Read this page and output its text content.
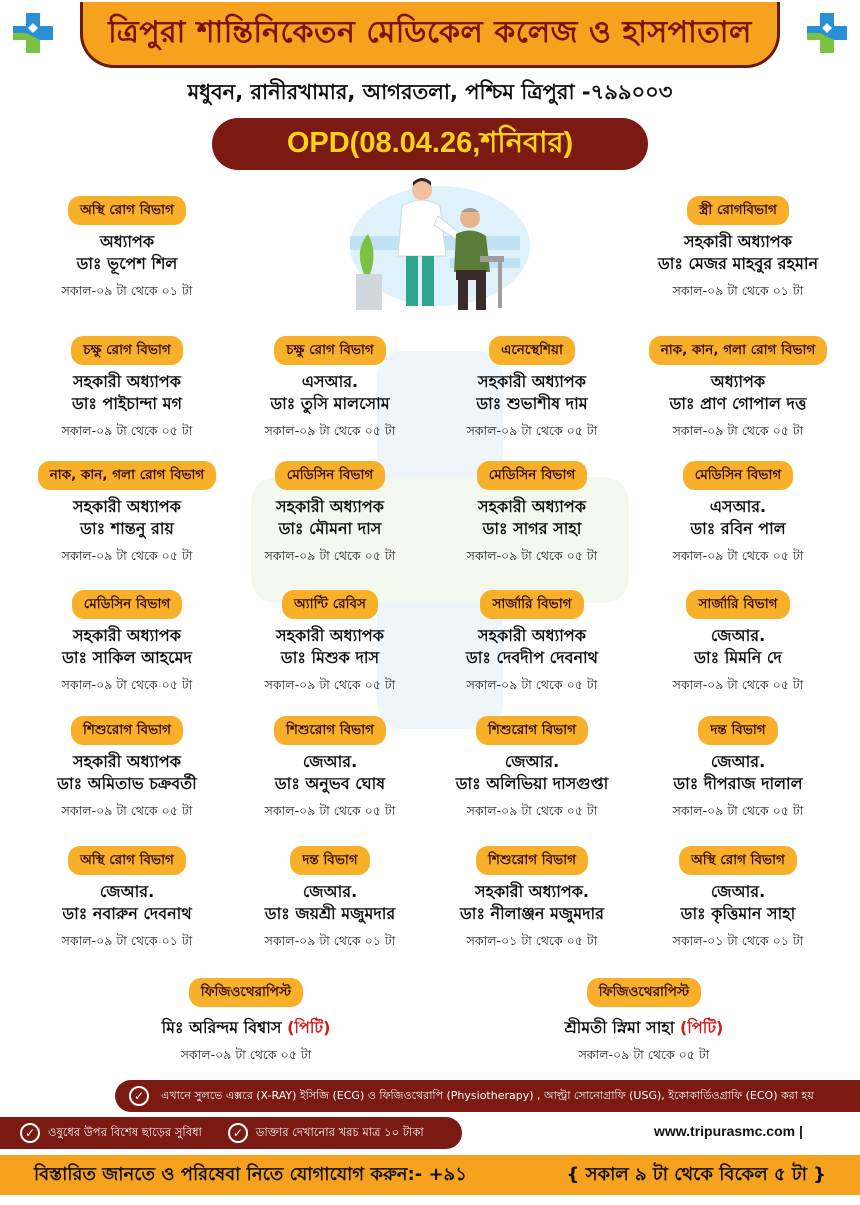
ত্রিপুরা শান্তিনিকেতন মেডিকেল কলেজ ও হাসপাতাল
মধুবন, রানীরখামার, আগরতলা, পশ্চিম ত্রিপুরা -৭৯৯০০৩
OPD(08.04.26,শনিবার)
অস্থি রোগ বিভাগ
অধ্যাপক
ডাঃ ভূপেশ শিল
সকাল-০৯ টা থেকে ০১ টা
স্ত্রী রোগবিভাগ
সহকারী অধ্যাপক
ডাঃ মেজর মাহবুর রহমান
সকাল-০৯ টা থেকে ০১ টা
চক্ষু রোগ বিভাগ
সহকারী অধ্যাপক
ডাঃ পাইচান্দা মগ
সকাল-০৯ টা থেকে ০৫ টা
চক্ষু রোগ বিভাগ
এসআর.
ডাঃ তুসি মালসোম
সকাল-০৯ টা থেকে ০৫ টা
এনেস্থেশিয়া
সহকারী অধ্যাপক
ডাঃ শুভাশীষ দাম
সকাল-০৯ টা থেকে ০৫ টা
নাক, কান, গলা রোগ বিভাগ
অধ্যাপক
ডাঃ প্রাণ গোপাল দত্ত
সকাল-০৯ টা থেকে ০৫ টা
নাক, কান, গলা রোগ বিভাগ
সহকারী অধ্যাপক
ডাঃ শান্তনু রায়
সকাল-০৯ টা থেকে ০৫ টা
মেডিসিন বিভাগ
সহকারী অধ্যাপক
ডাঃ মৌমনা দাস
সকাল-০৯ টা থেকে ০৫ টা
মেডিসিন বিভাগ
সহকারী অধ্যাপক
ডাঃ সাগর সাহা
সকাল-০৯ টা থেকে ০৫ টা
মেডিসিন বিভাগ
এসআর.
ডাঃ রবিন পাল
সকাল-০৯ টা থেকে ০৫ টা
মেডিসিন বিভাগ
সহকারী অধ্যাপক
ডাঃ সাকিল আহমেদ
সকাল-০৯ টা থেকে ০৫ টা
অ্যান্টি রেবিস
সহকারী অধ্যাপক
ডাঃ মিশুক দাস
সকাল-০৯ টা থেকে ০৫ টা
সার্জারি বিভাগ
সহকারী অধ্যাপক
ডাঃ দেবদীপ দেবনাথ
সকাল-০৯ টা থেকে ০৫ টা
সার্জারি বিভাগ
জেআর.
ডাঃ মিমনি দে
সকাল-০৯ টা থেকে ০৫ টা
শিশুরোগ বিভাগ
সহকারী অধ্যাপক
ডাঃ অমিতাভ চক্রবর্তী
সকাল-০৯ টা থেকে ০৫ টা
শিশুরোগ বিভাগ
জেআর.
ডাঃ অনুভব ঘোষ
সকাল-০৯ টা থেকে ০৫ টা
শিশুরোগ বিভাগ
জেআর.
ডাঃ অলিভিয়া দাসগুপ্তা
সকাল-০৯ টা থেকে ০৫ টা
দন্ত বিভাগ
জেআর.
ডাঃ দীপরাজ দালাল
সকাল-০৯ টা থেকে ০৫ টা
অস্থি রোগ বিভাগ
জেআর.
ডাঃ নবারুন দেবনাথ
সকাল-০৯ টা থেকে ০১ টা
দন্ত বিভাগ
জেআর.
ডাঃ জয়শ্রী মজুমদার
সকাল-০৯ টা থেকে ০১ টা
শিশুরোগ বিভাগ
সহকারী অধ্যাপক.
ডাঃ নীলাঞ্জন মজুমদার
সকাল-০১ টা থেকে ০৫ টা
অস্থি রোগ বিভাগ
জেআর.
ডাঃ কৃত্তিমান সাহা
সকাল-০১ টা থেকে ০১ টা
ফিজিওথেরাপিস্ট
মিঃ অরিন্দম বিশ্বাস (পিটি)
সকাল-০৯ টা থেকে ০৫ টা
ফিজিওথেরাপিস্ট
শ্রীমতী স্নিমা সাহা (পিটি)
সকাল-০৯ টা থেকে ০৫ টা
✓	এখানে সুলভে এক্সরে (X-RAY) ইসিজি (ECG) ও ফিজিওথেরাপি (Physiotherapy) , আল্ট্রা সোনোগ্রাফি (USG), ইকোকার্ডিওগ্রাফি (ECO) করা হয়
✓	ওষুধের উপর বিশেষ ছাড়ের সুবিধা	✓	ডাক্তার দেখানোর খরচ মাত্র ১০ টাকা	www.tripurasmc.com |
বিস্তারিত জানতে ও পরিষেবা নিতে যোগাযোগ করুন:- +৯১	{ সকাল ৯ টা থেকে বিকেল ৫ টা }
